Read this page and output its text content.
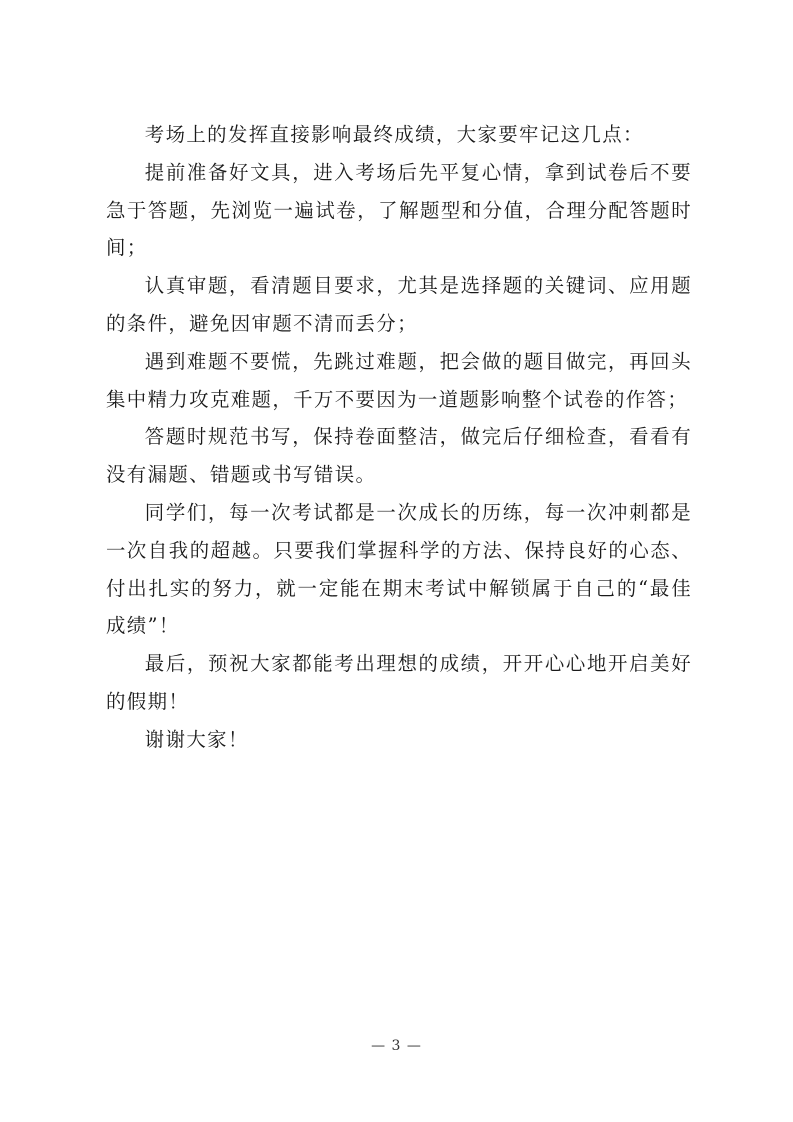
考场上的发挥直接影响最终成绩，大家要牢记这几点：

提前准备好文具，进入考场后先平复心情，拿到试卷后不要急于答题，先浏览一遍试卷，了解题型和分值，合理分配答题时间；

认真审题，看清题目要求，尤其是选择题的关键词、应用题的条件，避免因审题不清而丢分；

遇到难题不要慌，先跳过难题，把会做的题目做完，再回头集中精力攻克难题，千万不要因为一道题影响整个试卷的作答；

答题时规范书写，保持卷面整洁，做完后仔细检查，看看有没有漏题、错题或书写错误。

同学们，每一次考试都是一次成长的历练，每一次冲刺都是一次自我的超越。只要我们掌握科学的方法、保持良好的心态、付出扎实的努力，就一定能在期末考试中解锁属于自己的“最佳成绩”！

最后，预祝大家都能考出理想的成绩，开开心心地开启美好的假期！

谢谢大家！

— 3 —
